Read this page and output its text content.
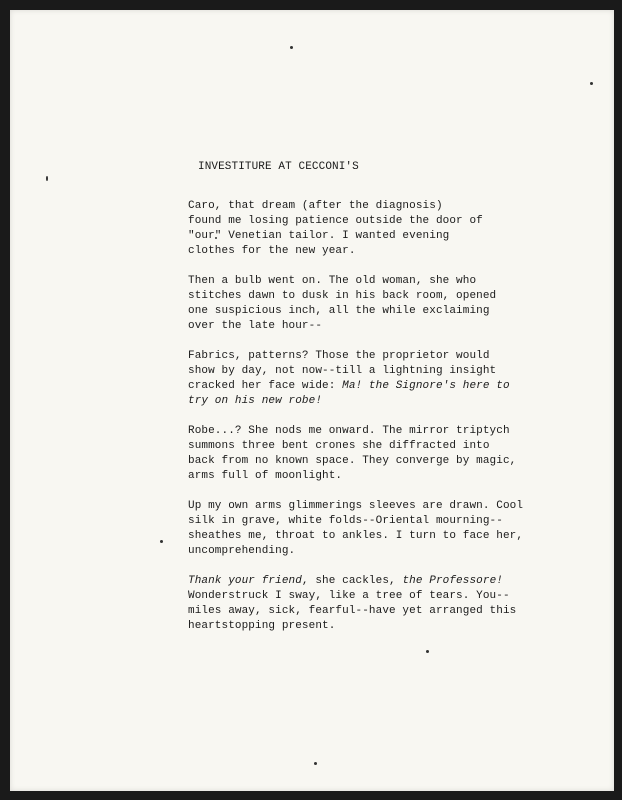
INVESTITURE AT CECCONI'S
Caro, that dream (after the diagnosis)
found me losing patience outside the door of
"our" Venetian tailor. I wanted evening
clothes for the new year.
Then a bulb went on. The old woman, she who
stitches dawn to dusk in his back room, opened
one suspicious inch, all the while exclaiming
over the late hour--
Fabrics, patterns? Those the proprietor would
show by day, not now--till a lightning insight
cracked her face wide: Ma! the Signore's here to
try on his new robe!
Robe...? She nods me onward. The mirror triptych
summons three bent crones she diffracted into
back from no known space. They converge by magic,
arms full of moonlight.
Up my own arms glimmerings sleeves are drawn. Cool
silk in grave, white folds--Oriental mourning--
sheathes me, throat to ankles. I turn to face her,
uncomprehending.
Thank your friend, she cackles, the Professore!
Wonderstruck I sway, like a tree of tears. You--
miles away, sick, fearful--have yet arranged this
heartstopping present.
